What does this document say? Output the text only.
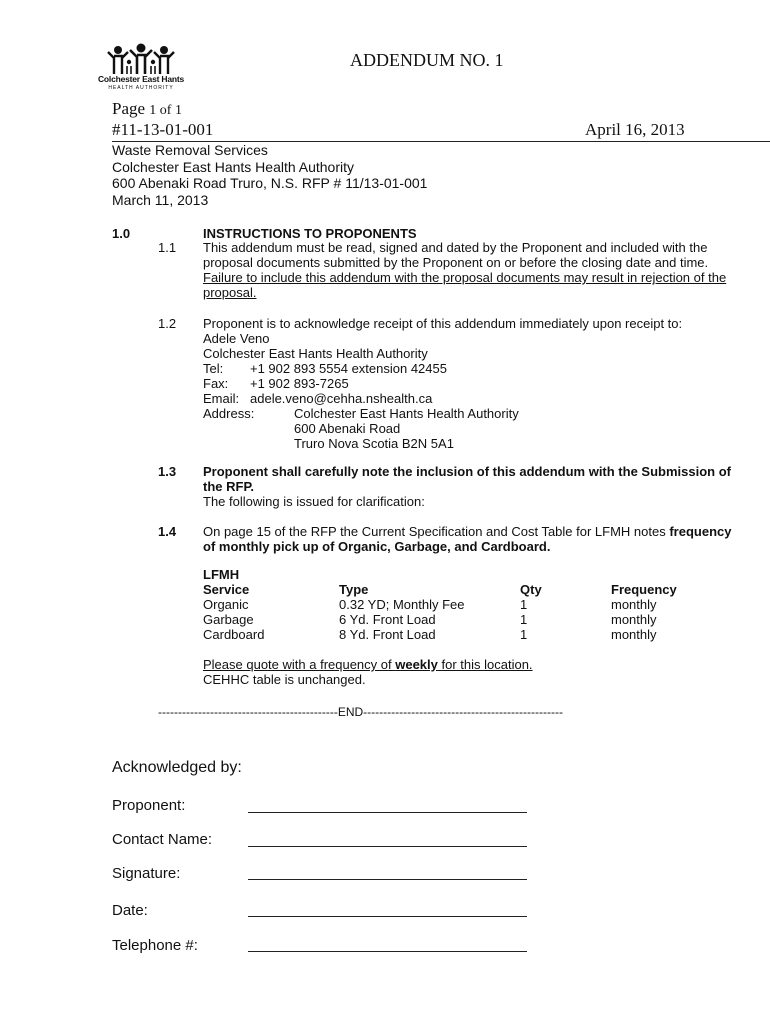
Colchester East Hants
HEALTH AUTHORITY
ADDENDUM NO. 1
Page 1 of 1
#11-13-01-001	April 16, 2013
Waste Removal Services
Colchester East Hants Health Authority
600 Abenaki Road Truro, N.S. RFP # 11/13-01-001
March 11, 2013
1.0	INSTRUCTIONS TO PROPONENTS
1.1 This addendum must be read, signed and dated by the Proponent and included with the
proposal documents submitted by the Proponent on or before the closing date and time.
Failure to include this addendum with the proposal documents may result in rejection of the
proposal.
1.2 Proponent is to acknowledge receipt of this addendum immediately upon receipt to:
Adele Veno
Colchester East Hants Health Authority
Tel: +1 902 893 5554 extension 42455
Fax: +1 902 893-7265
Email: adele.veno@cehha.nshealth.ca
Address:	Colchester East Hants Health Authority
600 Abenaki Road
Truro Nova Scotia B2N 5A1
1.3 Proponent shall carefully note the inclusion of this addendum with the Submission of
the RFP.
The following is issued for clarification:
1.4 On page 15 of the RFP the Current Specification and Cost Table for LFMH notes frequency
of monthly pick up of Organic, Garbage, and Cardboard.
LFMH
Service	Type	Qty	Frequency
Organic	0.32 YD; Monthly Fee	1	monthly
Garbage	6 Yd. Front Load	1	monthly
Cardboard	8 Yd. Front Load	1	monthly
Please quote with a frequency of weekly for this location.
CEHHC table is unchanged.
---------------------------------------------END--------------------------------------------------
Acknowledged by:
Proponent:
Contact Name:
Signature:
Date:
Telephone #:
